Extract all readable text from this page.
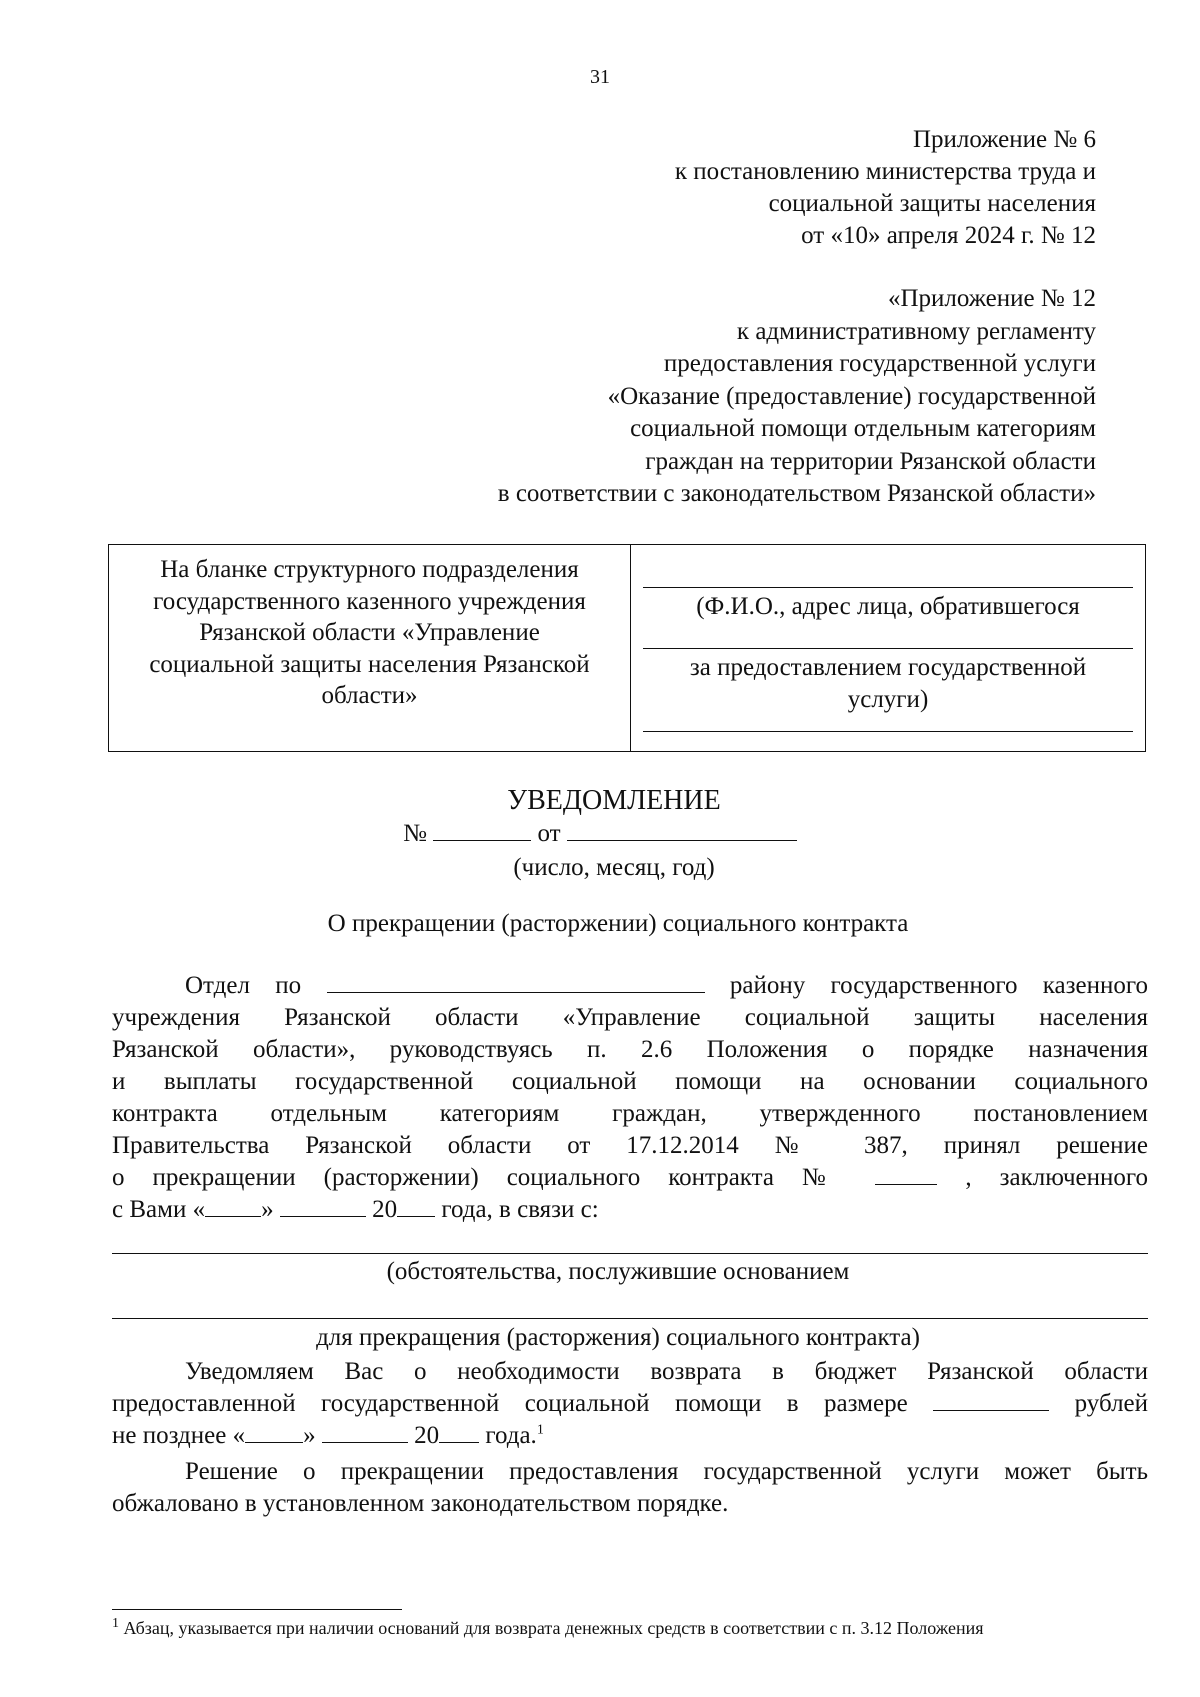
31
Приложение № 6
к постановлению министерства труда и
социальной защиты населения
от «10» апреля 2024 г. № 12
«Приложение № 12
к административному регламенту
предоставления государственной услуги
«Оказание (предоставление) государственной
социальной помощи отдельным категориям
граждан на территории Рязанской области
в соответствии с законодательством Рязанской области»
На бланке структурного подразделения
государственного казенного учреждения
Рязанской области «Управление
социальной защиты населения Рязанской
области»
(Ф.И.О., адрес лица, обратившегося
за предоставлением государственной
услуги)
УВЕДОМЛЕНИЕ
№	от
(число, месяц, год)
О прекращении (расторжении) социального контракта
Отдел по	району государственного казенного
учреждения Рязанской области «Управление социальной защиты населения
Рязанской области», руководствуясь п. 2.6 Положения о порядке назначения
и выплаты государственной социальной помощи на основании социального
контракта отдельным категориям граждан, утвержденного постановлением
Правительства Рязанской области от 17.12.2014 № 387, принял решение
о прекращении (расторжении) социального контракта №	, заключенного
с Вами « »	20 года, в связи с:
(обстоятельства, послужившие основанием
для прекращения (расторжения) социального контракта)
Уведомляем Вас о необходимости возврата в бюджет Рязанской области
предоставленной государственной социальной помощи в размере	рублей
не позднее « »	20 года.$^1$
Решение о прекращении предоставления государственной услуги может быть
обжаловано в установленном законодательством порядке.
$^1$ Абзац, указывается при наличии оснований для возврата денежных средств в соответствии с п. 3.12 Положения
